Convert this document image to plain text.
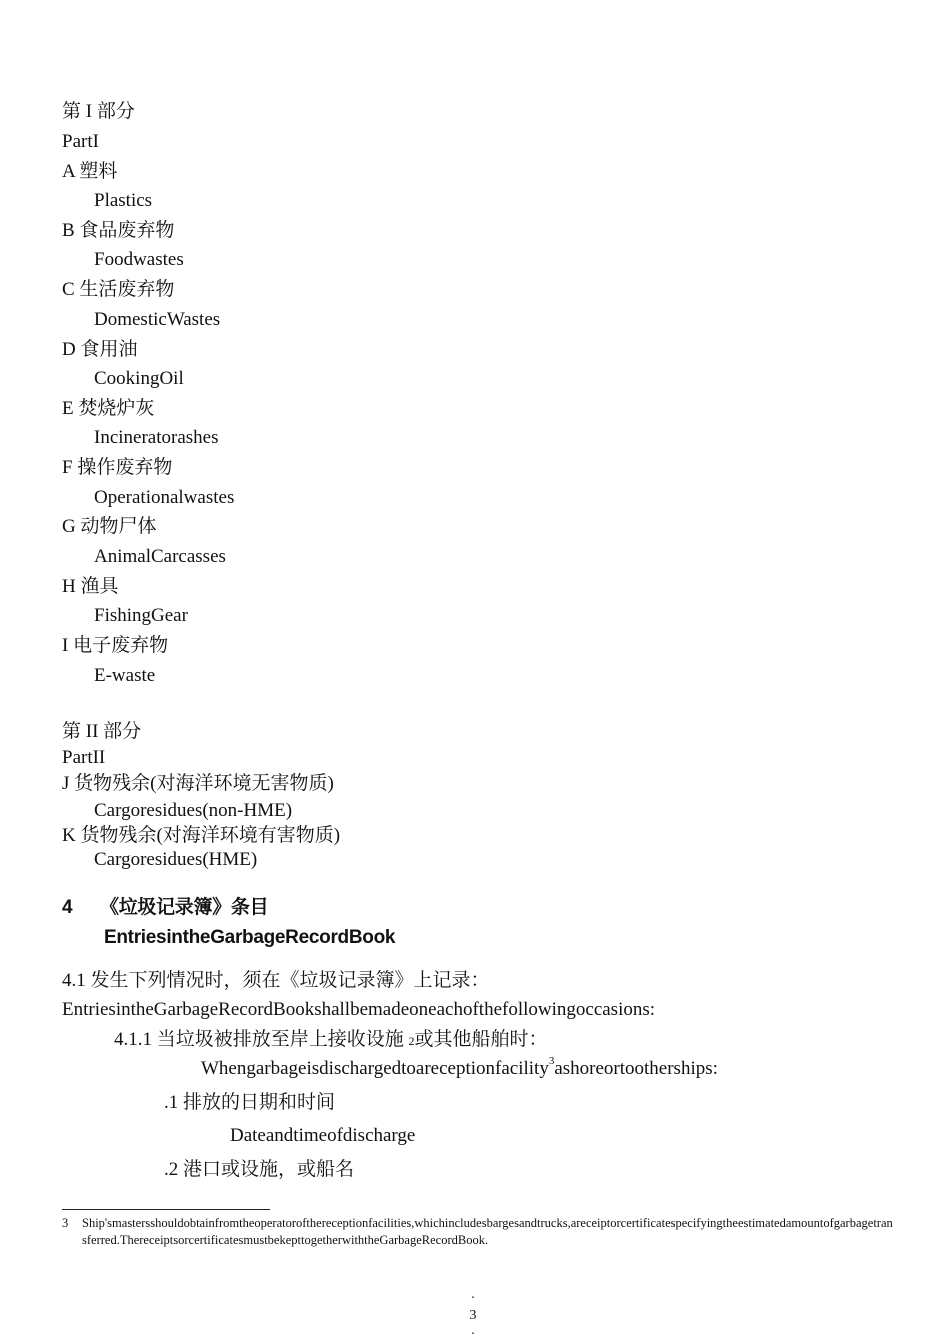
第 I 部分
PartI
A 塑料
Plastics
B 食品废弃物
Foodwastes
C 生活废弃物
DomesticWastes
D 食用油
CookingOil
E 焚烧炉灰
Incineratorashes
F 操作废弃物
Operationalwastes
G 动物尸体
AnimalCarcasses
H 渔具
FishingGear
I 电子废弃物
E-waste
第 II 部分
PartII
J 货物残余(对海洋环境无害物质)
Cargoresidues(non-HME)
K 货物残余(对海洋环境有害物质)
Cargoresidues(HME)
4 《垃圾记录簿》条目
EntriesintheGarbageRecordBook
4.1 发生下列情况时，须在《垃圾记录簿》上记录：
EntriesintheGarbageRecordBookshallbemadeoneachofthefollowingoccasions:
4.1.1 当垃圾被排放至岸上接收设施 2或其他船舶时：
Whengarbageisdischargedtoareceptionfacility$^3$ashoreortootherships:
.1 排放的日期和时间
Dateandtimeofdischarge
.2 港口或设施，或船名
3 Ship'smastersshouldobtainfromtheoperatorofthereceptionfacilities,whichincludesbargesandtrucks,areceiptorcertificatespecifyingtheestimatedamountofgarbagetransferred.ThereceiptsorcertificatesmustbekepttogetherwiththeGarbageRecordBook.
.
3
.
